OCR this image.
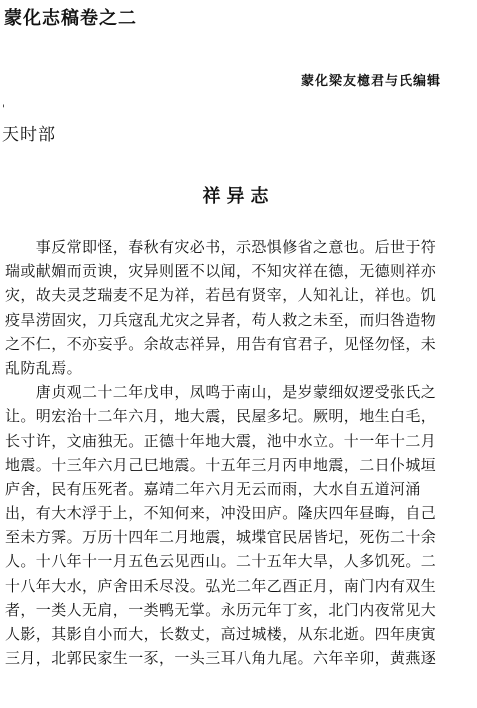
蒙化志稿卷之二
蒙化梁友檍君与氏编辑
'
天时部
祥异志
　　事反常即怪，春秋有灾必书，示恐惧修省之意也。后世于符
瑞或献媚而贡谀，灾异则匿不以闻，不知灾祥在德，无德则祥亦
灾，故夫灵芝瑞麦不足为祥，若邑有贤宰，人知礼让，祥也。饥
疫旱涝固灾，刀兵寇乱尤灾之异者，苟人救之未至，而归咎造物
之不仁，不亦妄乎。余故志祥异，用告有官君子，见怪勿怪，未
乱防乱焉。
　　唐贞观二十二年戊申，凤鸣于南山，是岁蒙细奴逻受张氏之
让。明宏治十二年六月，地大震，民屋多圮。厥明，地生白毛，
长寸许，文庙独无。正德十年地大震，池中水立。十一年十二月
地震。十三年六月己巳地震。十五年三月丙申地震，二日仆城垣
庐舍，民有压死者。嘉靖二年六月无云而雨，大水自五道河涌
出，有大木浮于上，不知何来，冲没田庐。隆庆四年昼晦，自己
至未方霁。万历十四年二月地震，城堞官民居皆圮，死伤二十余
人。十八年十一月五色云见西山。二十五年大旱，人多饥死。二
十八年大水，庐舍田禾尽没。弘光二年乙酉正月，南门内有双生
者，一类人无肩，一类鸭无掌。永历元年丁亥，北门内夜常见大
人影，其影自小而大，长数丈，高过城楼，从东北逝。四年庚寅
三月，北郭民家生一豕，一头三耳八角九尾。六年辛卯，黄燕逐
